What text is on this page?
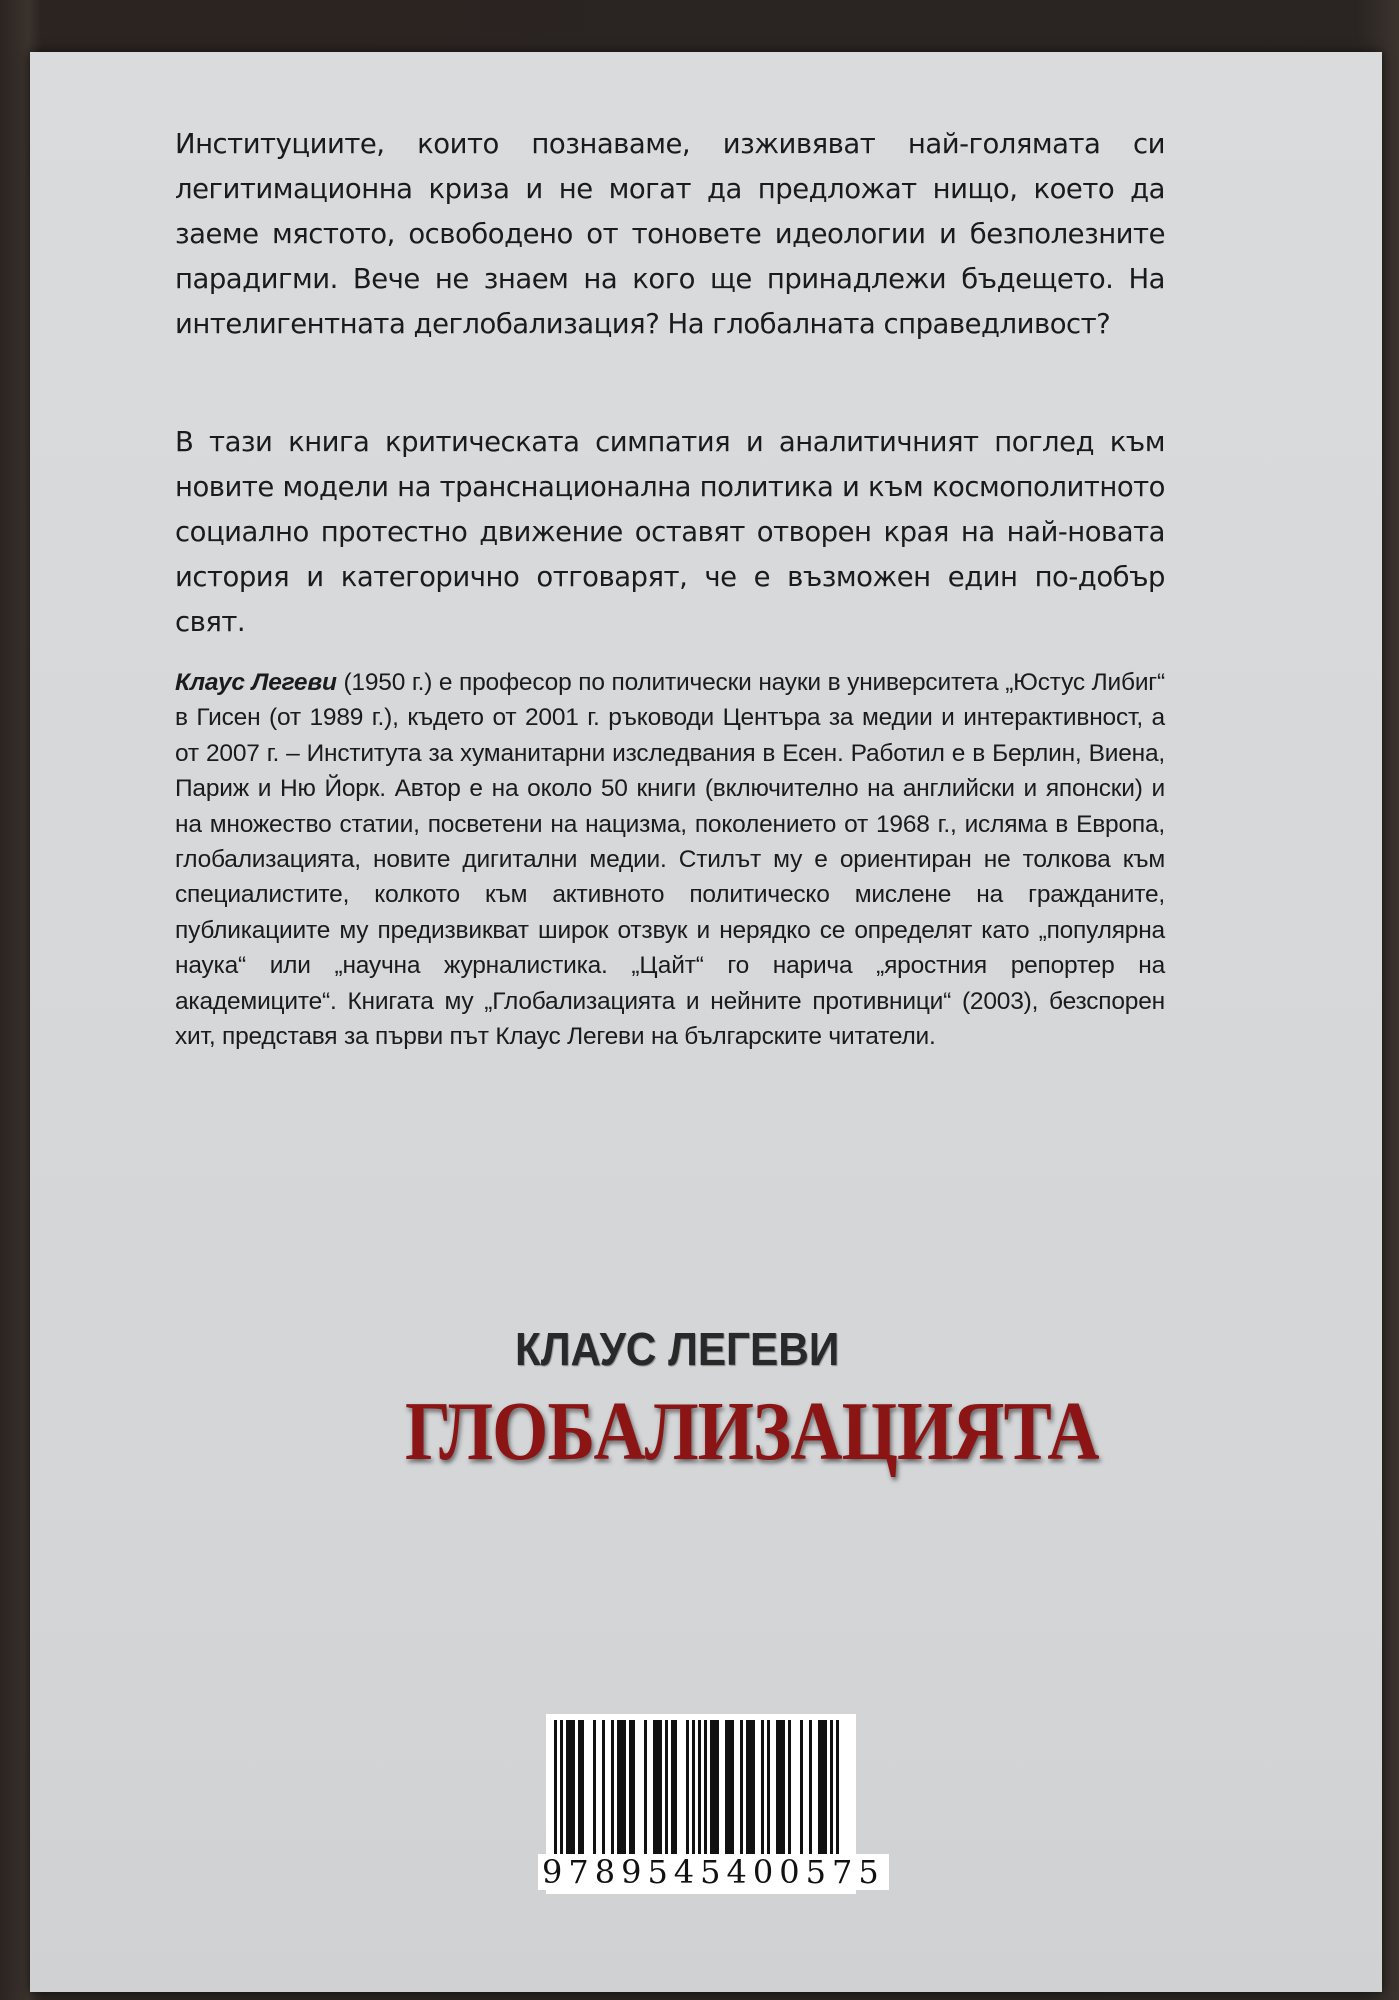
Институциите, които познаваме, изживяват най-голямата си легитимационна криза и не могат да предложат нищо, което да заеме мястото, освободено от тоновете идеологии и безполезните парадигми. Вече не знаем на кого ще принадлежи бъдещето. На интелигентната деглобализация? На глобалната справедливост?
В тази книга критическата симпатия и аналитичният поглед към новите модели на транснационална политика и към космополитното социално протестно движение оставят отворен края на най-новата история и категорично отговарят, че е възможен един по-добър свят.
Клаус Легеви (1950 г.) е професор по политически науки в университета „Юстус Либиг“ в Гисен (от 1989 г.), където от 2001 г. ръководи Центъра за медии и интерактивност, а от 2007 г. – Института за хуманитарни изследвания в Есен. Работил е в Берлин, Виена, Париж и Ню Йорк. Автор е на около 50 книги (включително на английски и японски) и на множество статии, посветени на нацизма, поколението от 1968 г., исляма в Европа, глобализацията, новите дигитални медии. Стилът му е ориентиран не толкова към специалистите, колкото към активното политическо мислене на гражданите, публикациите му предизвикват широк отзвук и нерядко се определят като „популярна наука“ или „научна журналистика. „Цайт“ го нарича „яростния репортер на академиците“. Книгата му „Глобализацията и нейните противници“ (2003), безспорен хит, представя за първи път Клаус Легеви на българските читатели.
КЛАУС ЛЕГЕВИ
ГЛОБАЛИЗАЦИЯТА
9789545400575
